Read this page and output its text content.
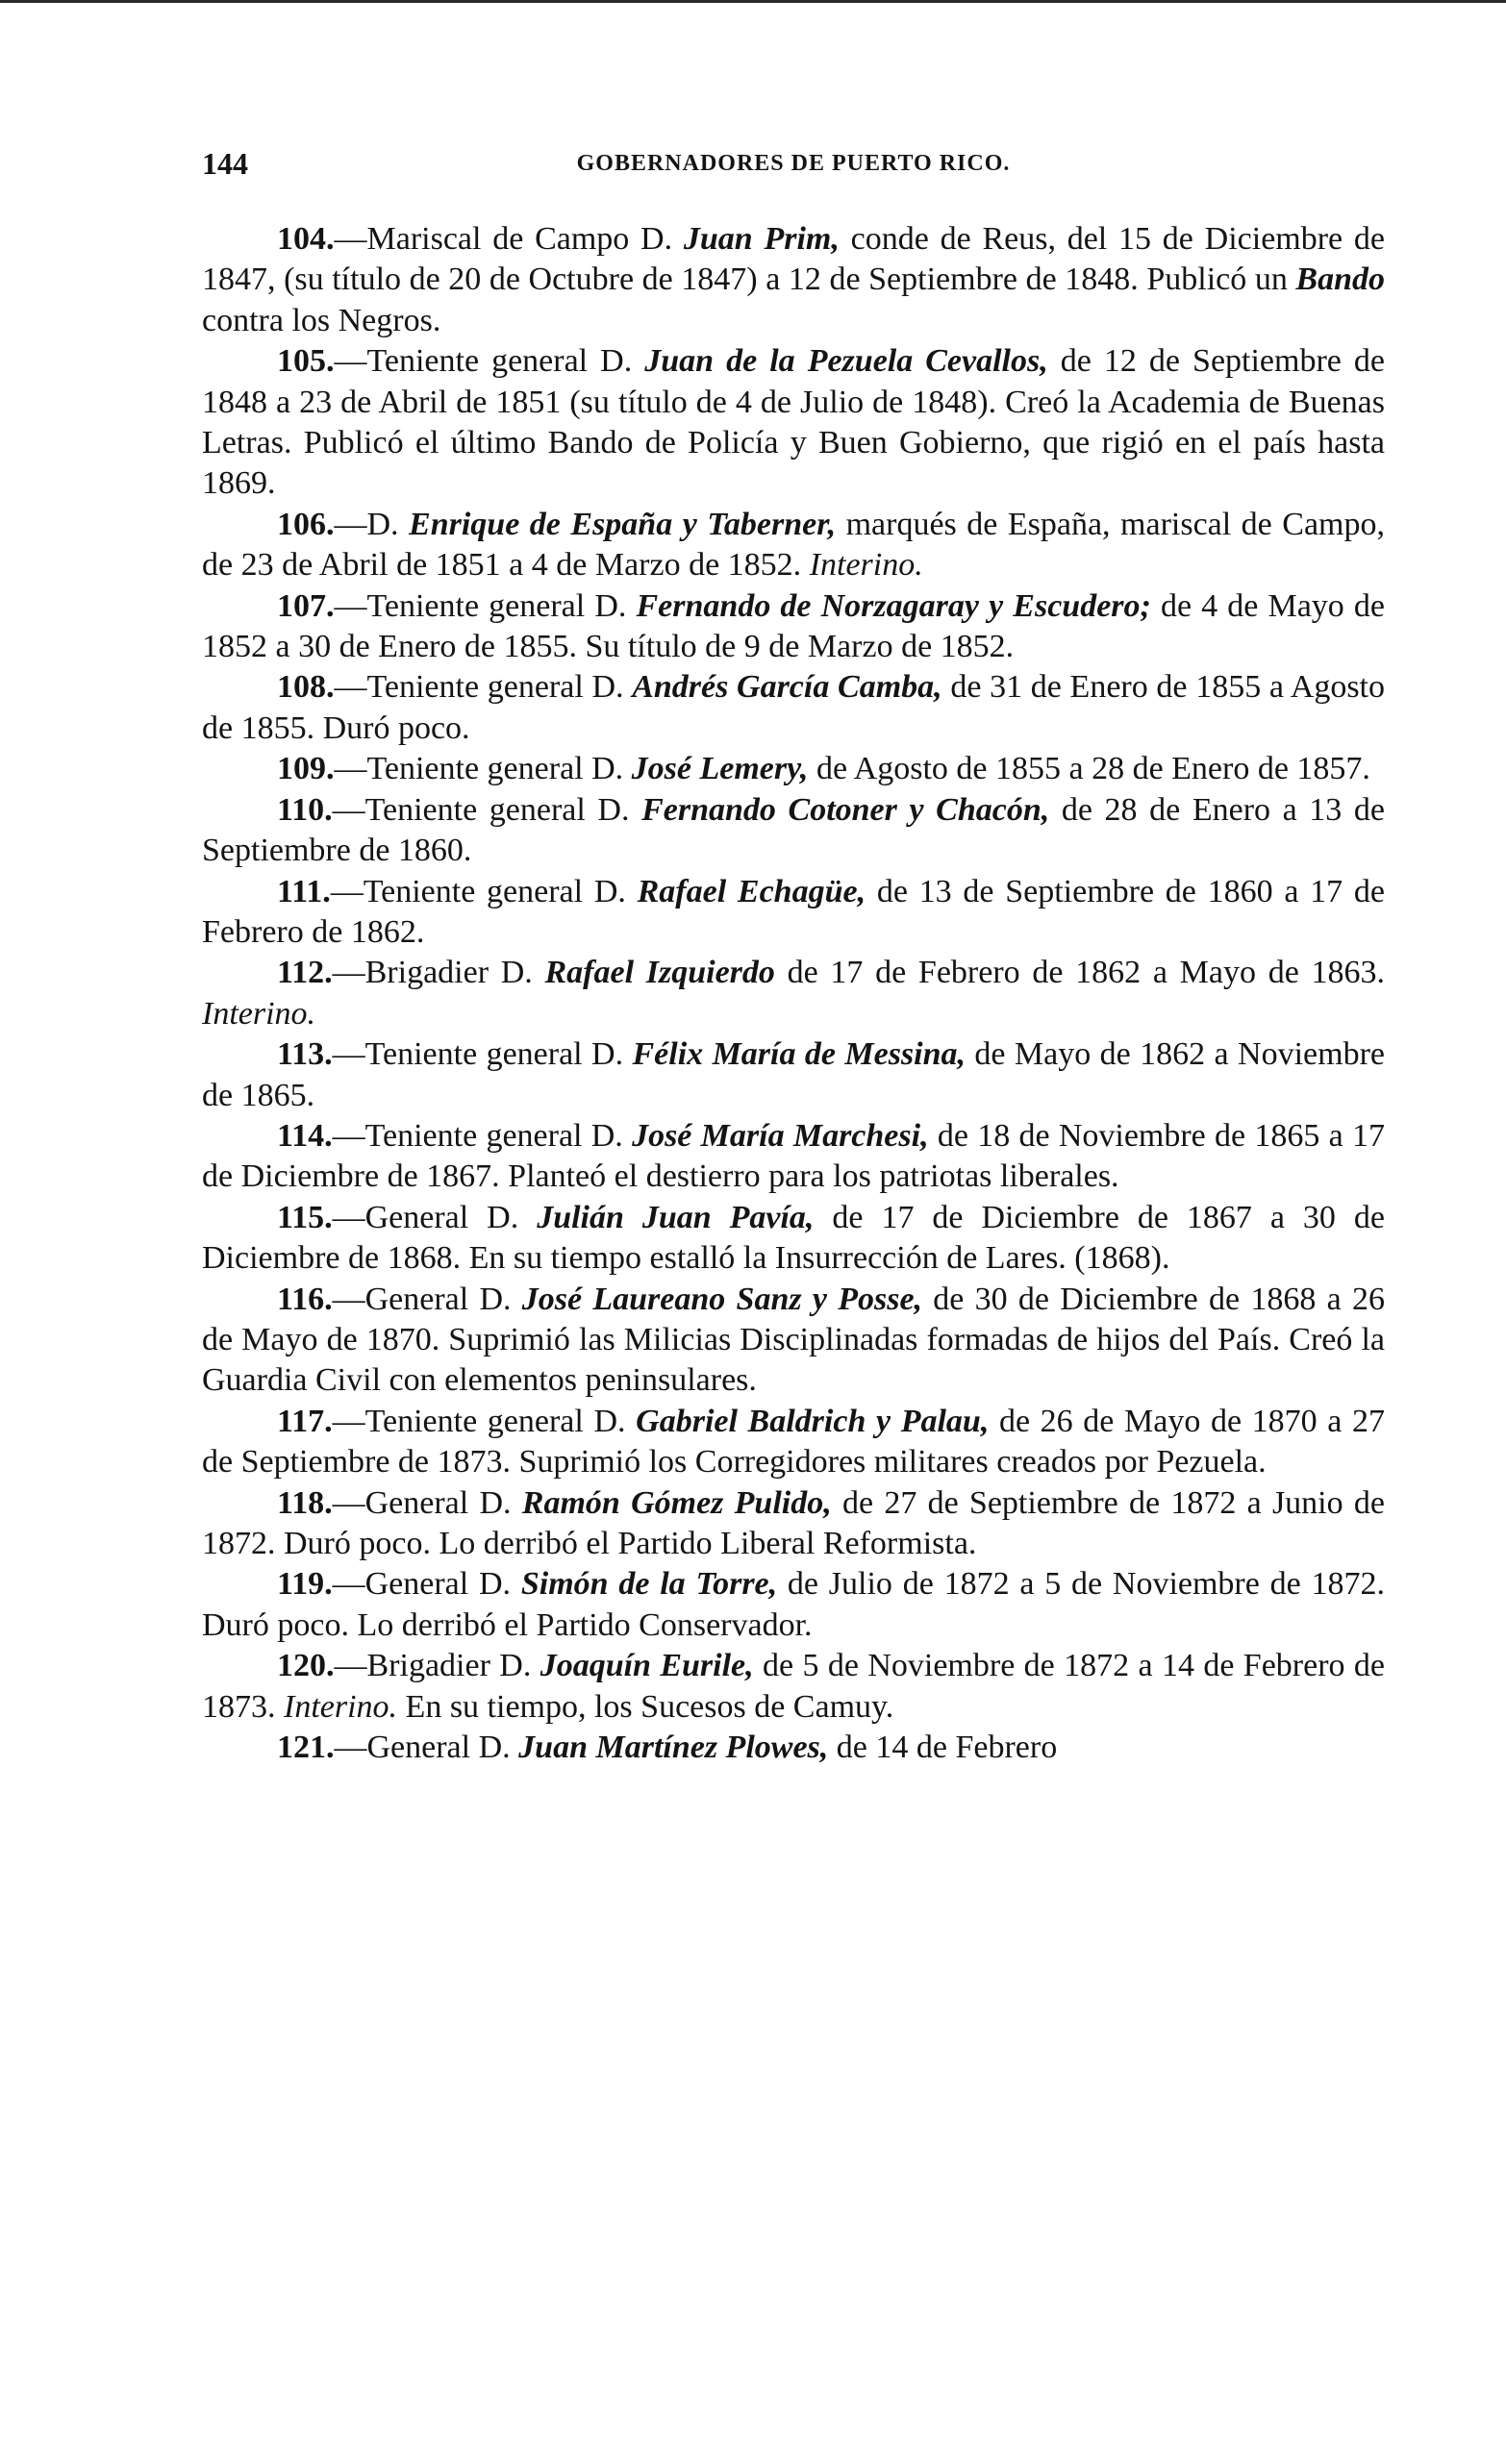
144	GOBERNADORES DE PUERTO RICO.

104.—Mariscal de Campo D. Juan Prim, conde de Reus, del 15 de Diciembre de 1847, (su título de 20 de Octubre de 1847) a 12 de Septiembre de 1848. Publicó un Bando contra los Negros.

105.—Teniente general D. Juan de la Pezuela Cevallos, de 12 de Septiembre de 1848 a 23 de Abril de 1851 (su título de 4 de Julio de 1848). Creó la Academia de Buenas Letras. Publicó el último Bando de Policía y Buen Gobierno, que rigió en el país hasta 1869.

106.—D. Enrique de España y Taberner, marqués de España, mariscal de Campo, de 23 de Abril de 1851 a 4 de Marzo de 1852. Interino.

107.—Teniente general D. Fernando de Norzagaray y Escudero; de 4 de Mayo de 1852 a 30 de Enero de 1855. Su título de 9 de Marzo de 1852.

108.—Teniente general D. Andrés García Camba, de 31 de Enero de 1855 a Agosto de 1855. Duró poco.

109.—Teniente general D. José Lemery, de Agosto de 1855 a 28 de Enero de 1857.

110.—Teniente general D. Fernando Cotoner y Chacón, de 28 de Enero a 13 de Septiembre de 1860.

111.—Teniente general D. Rafael Echagüe, de 13 de Septiembre de 1860 a 17 de Febrero de 1862.

112.—Brigadier D. Rafael Izquierdo de 17 de Febrero de 1862 a Mayo de 1863. Interino.

113.—Teniente general D. Félix María de Messina, de Mayo de 1862 a Noviembre de 1865.

114.—Teniente general D. José María Marchesi, de 18 de Noviembre de 1865 a 17 de Diciembre de 1867. Planteó el destierro para los patriotas liberales.

115.—General D. Julián Juan Pavía, de 17 de Diciembre de 1867 a 30 de Diciembre de 1868. En su tiempo estalló la Insurrección de Lares. (1868).

116.—General D. José Laureano Sanz y Posse, de 30 de Diciembre de 1868 a 26 de Mayo de 1870. Suprimió las Milicias Disciplinadas formadas de hijos del País. Creó la Guardia Civil con elementos peninsulares.

117.—Teniente general D. Gabriel Baldrich y Palau, de 26 de Mayo de 1870 a 27 de Septiembre de 1873. Suprimió los Corregidores militares creados por Pezuela.

118.—General D. Ramón Gómez Pulido, de 27 de Septiembre de 1872 a Junio de 1872. Duró poco. Lo derribó el Partido Liberal Reformista.

119.—General D. Simón de la Torre, de Julio de 1872 a 5 de Noviembre de 1872. Duró poco. Lo derribó el Partido Conservador.

120.—Brigadier D. Joaquín Eurile, de 5 de Noviembre de 1872 a 14 de Febrero de 1873. Interino. En su tiempo, los Sucesos de Camuy.

121.—General D. Juan Martínez Plowes, de 14 de Febrero
